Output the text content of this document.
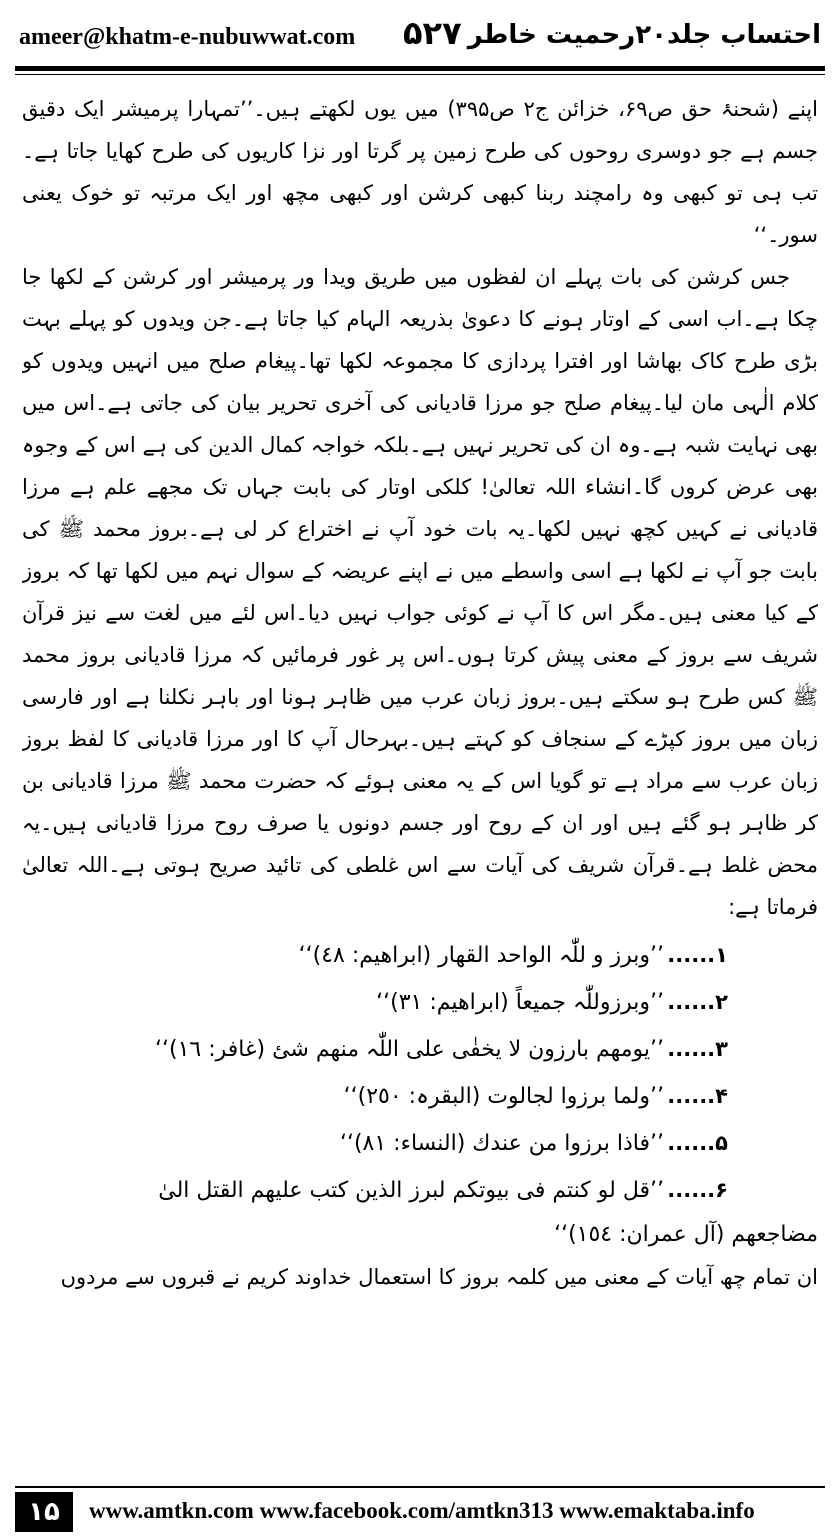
ameer@khatm-e-nubuwwat.com ۵۲۷ احتساب جلد۲۰رحمیت خاطر

اپنے (شحنۂ حق ص۶۹، خزائن ج۲ ص۳۹۵) میں یوں لکھتے ہیں۔’’تمہارا پرمیشر ایک دقیق جسم ہے جو دوسری روحوں کی طرح زمین پر گرتا اور نزا کاریوں کی طرح کھایا جاتا ہے۔تب ہی تو کبھی وہ رامچند ربنا کبھی کرشن اور کبھی مچھ اور ایک مرتبہ تو خوک یعنی سور۔‘‘

جس کرشن کی بات پہلے ان لفظوں میں طریق ویدا ور پرمیشر اور کرشن کے لکھا جا چکا ہے۔اب اسی کے اوتار ہونے کا دعویٰ بذریعہ الہام کیا جاتا ہے۔جن ویدوں کو پہلے بہت بڑی طرح کاک بھاشا اور افترا پردازی کا مجموعہ لکھا تھا۔پیغام صلح میں انہیں ویدوں کو کلام الٰہی مان لیا۔پیغام صلح جو مرزا قادیانی کی آخری تحریر بیان کی جاتی ہے۔اس میں بھی نہایت شبہ ہے۔وہ ان کی تحریر نہیں ہے۔بلکہ خواجہ کمال الدین کی ہے اس کے وجوہ بھی عرض کروں گا۔انشاء اللہ تعالیٰ! کلکی اوتار کی بابت جہاں تک مجھے علم ہے مرزا قادیانی نے کہیں کچھ نہیں لکھا۔یہ بات خود آپ نے اختراع کر لی ہے۔بروز محمد ﷺ کی بابت جو آپ نے لکھا ہے اسی واسطے میں نے اپنے عریضہ کے سوال نہم میں لکھا تھا کہ بروز کے کیا معنی ہیں۔مگر اس کا آپ نے کوئی جواب نہیں دیا۔اس لئے میں لغت سے نیز قرآن شریف سے بروز کے معنی پیش کرتا ہوں۔اس پر غور فرمائیں کہ مرزا قادیانی بروز محمد ﷺ کس طرح ہو سکتے ہیں۔بروز زبان عرب میں ظاہر ہونا اور باہر نکلنا ہے اور فارسی زبان میں بروز کپڑے کے سنجاف کو کہتے ہیں۔بہرحال آپ کا اور مرزا قادیانی کا لفظ بروز زبان عرب سے مراد ہے تو گویا اس کے یہ معنی ہوئے کہ حضرت محمد ﷺ مرزا قادیانی بن کر ظاہر ہو گئے ہیں اور ان کے روح اور جسم دونوں یا صرف روح مرزا قادیانی ہیں۔یہ محض غلط ہے۔قرآن شریف کی آیات سے اس غلطی کی تائید صریح ہوتی ہے۔اللہ تعالیٰ فرماتا ہے:

۱......
’’وبرز و للّٰہ الواحد القھار (ابراھیم: ٤٨)‘‘
۲......
’’وبرزوللّٰہ جمیعاً (ابراھیم: ٣١)‘‘
۳......
’’یومھم بارزون لا یخفٰی علی اللّٰہ منھم شئ (غافر: ١٦)‘‘
۴......
’’ولما برزوا لجالوت (البقرہ: ٢٥٠)‘‘
۵......
’’فاذا برزوا من عندك (النساء: ٨١)‘‘
۶......
’’قل لو کنتم فی بیوتکم لبرز الذین کتب علیھم القتل الیٰ

مضاجعھم (آل عمران: ١٥٤)‘‘

ان تمام چھ آیات کے معنی میں کلمہ بروز کا استعمال خداوند کریم نے قبروں سے مردوں

١۵	www.amtkn.com www.facebook.com/amtkn313 www.emaktaba.info
